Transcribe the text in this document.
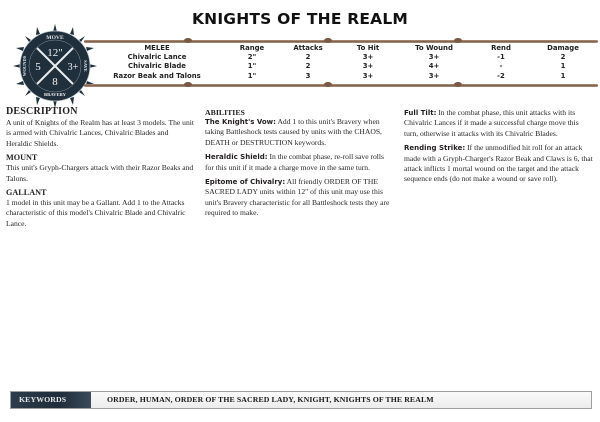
KNIGHTS OF THE REALM
MOVE
12"
5	3+
8
BRAVERY
WOUNDS	SAVE
MELEE	Range	Attacks	To Hit	To Wound	Rend	Damage
Chivalric Lance	2"	2	3+	3+	-1	2
Chivalric Blade	1"	2	3+	4+	-	1
Razor Beak and Talons	1"	3	3+	3+	-2	1
DESCRIPTION

A unit of Knights of the Realm has at least 3 models. The unit is armed with Chivalric Lances, Chivalric Blades and Heraldic Shields.

MOUNT

This unit's Gryph-Chargers attack with their Razor Beaks and Talons.

GALLANT

1 model in this unit may be a Gallant. Add 1 to the Attacks characteristic of this model's Chivalric Blade and Chivalric Lance.

ABILITIES

The Knight's Vow: Add 1 to this unit's Bravery when taking Battleshock tests caused by units with the CHAOS, DEATH or DESTRUCTION keywords.

Heraldic Shield: In the combat phase, re-roll save rolls for this unit if it made a charge move in the same turn.

Epitome of Chivalry: All friendly ORDER OF THE SACRED LADY units within 12" of this unit may use this unit's Bravery characteristic for all Battleshock tests they are required to make.

Full Tilt: In the combat phase, this unit attacks with its Chivalric Lances if it made a successful charge move this turn, otherwise it attacks with its Chivalric Blades.

Rending Strike: If the unmodified hit roll for an attack made with a Gryph-Charger's Razor Beak and Claws is 6, that attack inflicts 1 mortal wound on the target and the attack sequence ends (do not make a wound or save roll).

KEYWORDS	ORDER, HUMAN, ORDER OF THE SACRED LADY, KNIGHT, KNIGHTS OF THE REALM
